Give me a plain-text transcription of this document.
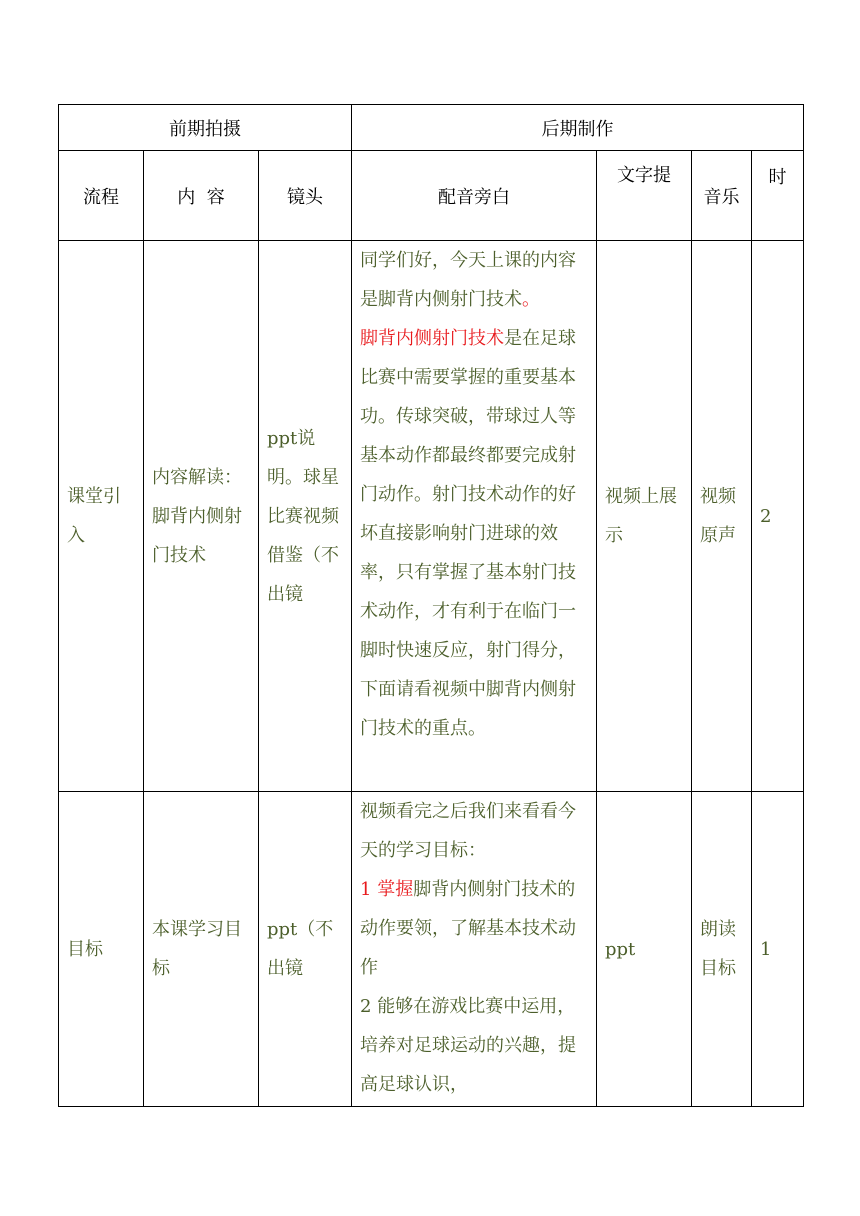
前期拍摄			后期制作			
流程	内  容	镜头	配音旁白	文字提	音乐	时

课堂引入	内容解读：脚背内侧射门技术	ppt说明。球星比赛视频借鉴（不出镜	同学们好，今天上课的内容是脚背内侧射门技术。
脚背内侧射门技术是在足球比赛中需要掌握的重要基本功。传球突破，带球过人等基本动作都最终都要完成射门动作。射门技术动作的好坏直接影响射门进球的效率，只有掌握了基本射门技术动作，才有利于在临门一脚时快速反应，射门得分，下面请看视频中脚背内侧射门技术的重点。	视频上展示	视频原声	2

目标	本课学习目标	ppt（不出镜	视频看完之后我们来看看今天的学习目标：
1 掌握脚背内侧射门技术的动作要领，了解基本技术动作
2 能够在游戏比赛中运用，培养对足球运动的兴趣，提高足球认识，	ppt	朗读目标	1
